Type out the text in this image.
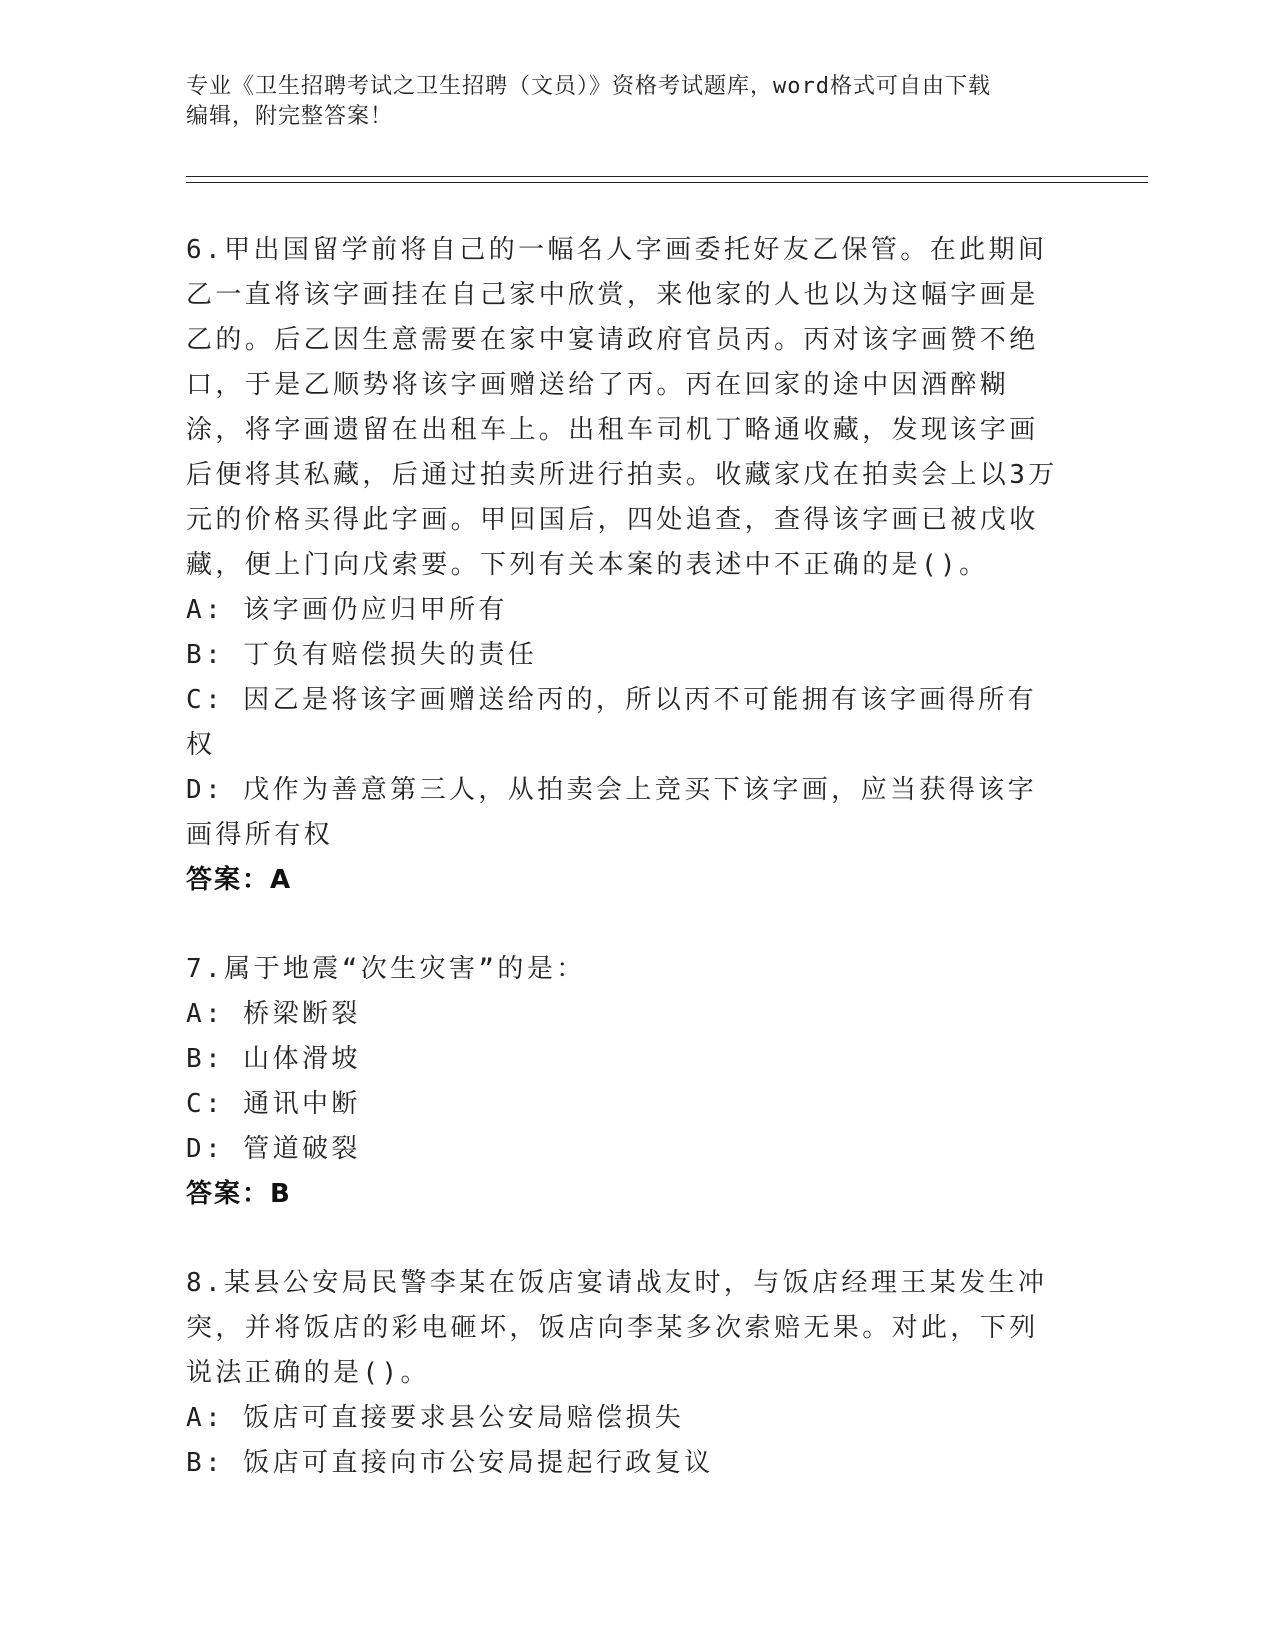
专业《卫生招聘考试之卫生招聘（文员）》资格考试题库，word格式可自由下载
编辑，附完整答案！

6.甲出国留学前将自己的一幅名人字画委托好友乙保管。在此期间乙一直将该字画挂在自己家中欣赏，来他家的人也以为这幅字画是乙的。后乙因生意需要在家中宴请政府官员丙。丙对该字画赞不绝口，于是乙顺势将该字画赠送给了丙。丙在回家的途中因酒醉糊涂，将字画遗留在出租车上。出租车司机丁略通收藏，发现该字画后便将其私藏，后通过拍卖所进行拍卖。收藏家戊在拍卖会上以3万元的价格买得此字画。甲回国后，四处追查，查得该字画已被戊收藏，便上门向戊索要。下列有关本案的表述中不正确的是()。

A: 该字画仍应归甲所有

B: 丁负有赔偿损失的责任

C: 因乙是将该字画赠送给丙的，所以丙不可能拥有该字画得所有权

D: 戊作为善意第三人，从拍卖会上竞买下该字画，应当获得该字画得所有权

答案：A

7.属于地震“次生灾害”的是：

A: 桥梁断裂

B: 山体滑坡

C: 通讯中断

D: 管道破裂

答案：B

8.某县公安局民警李某在饭店宴请战友时，与饭店经理王某发生冲突，并将饭店的彩电砸坏，饭店向李某多次索赔无果。对此，下列说法正确的是()。

A: 饭店可直接要求县公安局赔偿损失

B: 饭店可直接向市公安局提起行政复议
